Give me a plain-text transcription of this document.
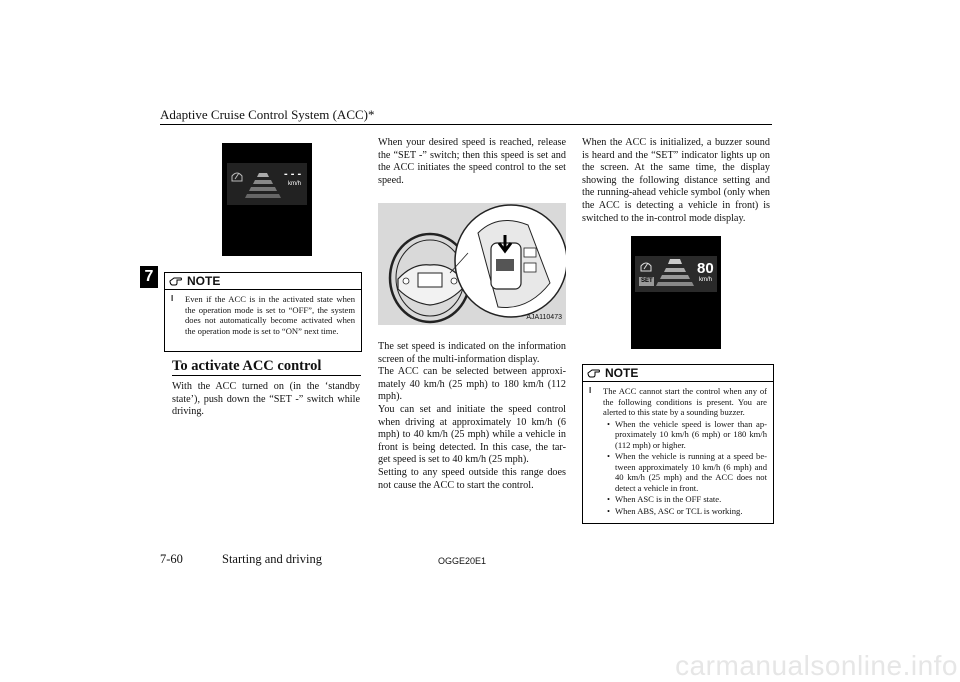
Adaptive Cruise Control System (ACC)*
7
- - -
km/h
NOTE
l	Even if the ACC is in the activated state when the operation mode is set to “OFF”, the system does not automatically become activated when the operation mode is set to “ON” next time.
To activate ACC control

With the ACC turned on (in the ‘standby state’), push down the “SET -” switch while driving.

When your desired speed is reached, release the “SET -” switch; then this speed is set and the ACC initiates the speed control to the set speed.

AJA110473

The set speed is indicated on the information screen of the multi-information display.

The ACC can be selected between approxi-mately 40 km/h (25 mph) to 180 km/h (112 mph).

You can set and initiate the speed control when driving at approximately 10 km/h (6 mph) to 40 km/h (25 mph) while a vehicle in front is being detected. In this case, the tar-get speed is set to 40 km/h (25 mph).

Setting to any speed outside this range does not cause the ACC to start the control.

When the ACC is initialized, a buzzer sound is heard and the “SET” indicator lights up on the screen. At the same time, the display showing the following distance setting and the running-ahead vehicle symbol (only when the ACC is detecting a vehicle in front) is switched to the in-control mode display.

SET
80
km/h
NOTE
l	The ACC cannot start the control when any of the following conditions is present. You are alerted to this state by a sounding buzzer.
• When the vehicle speed is lower than ap-proximately 10 km/h (6 mph) or 180 km/h (112 mph) or higher.
• When the vehicle is running at a speed be-tween approximately 10 km/h (6 mph) and 40 km/h (25 mph) and the ACC does not detect a vehicle in front.
• When ASC is in the OFF state.
• When ABS, ASC or TCL is working.
7-60	Starting and driving	OGGE20E1
carmanualsonline.info
